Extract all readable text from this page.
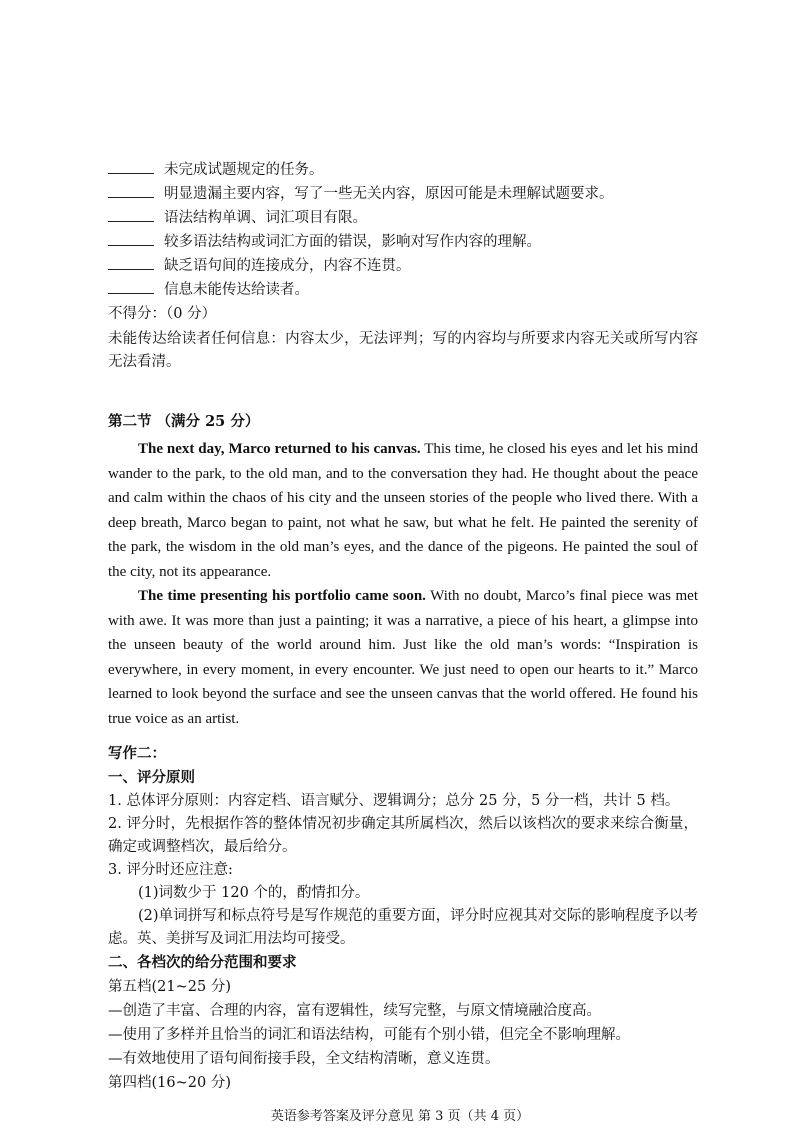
未完成试题规定的任务。
明显遗漏主要内容，写了一些无关内容，原因可能是未理解试题要求。
语法结构单调、词汇项目有限。
较多语法结构或词汇方面的错误，影响对写作内容的理解。
缺乏语句间的连接成分，内容不连贯。
信息未能传达给读者。
不得分：（0 分）
未能传达给读者任何信息：内容太少，无法评判；写的内容均与所要求内容无关或所写内容无法看清。
第二节 （满分 25 分）

The next day, Marco returned to his canvas. This time, he closed his eyes and let his mind wander to the park, to the old man, and to the conversation they had. He thought about the peace and calm within the chaos of his city and the unseen stories of the people who lived there. With a deep breath, Marco began to paint, not what he saw, but what he felt. He painted the serenity of the park, the wisdom in the old man’s eyes, and the dance of the pigeons. He painted the soul of the city, not its appearance.

The time presenting his portfolio came soon. With no doubt, Marco’s final piece was met with awe. It was more than just a painting; it was a narrative, a piece of his heart, a glimpse into the unseen beauty of the world around him. Just like the old man’s words: “Inspiration is everywhere, in every moment, in every encounter. We just need to open our hearts to it.” Marco learned to look beyond the surface and see the unseen canvas that the world offered. He found his true voice as an artist.

写作二：
一、评分原则
1. 总体评分原则：内容定档、语言赋分、逻辑调分；总分 25 分，5 分一档，共计 5 档。
2. 评分时，先根据作答的整体情况初步确定其所属档次，然后以该档次的要求来综合衡量，确定或调整档次，最后给分。
3. 评分时还应注意:
(1)词数少于 120 个的，酌情扣分。
(2)单词拼写和标点符号是写作规范的重要方面，评分时应视其对交际的影响程度予以考虑。英、美拼写及词汇用法均可接受。
二、各档次的给分范围和要求
第五档(21~25 分)
—创造了丰富、合理的内容，富有逻辑性，续写完整，与原文情境融洽度高。
—使用了多样并且恰当的词汇和语法结构，可能有个别小错，但完全不影响理解。
—有效地使用了语句间衔接手段，全文结构清晰，意义连贯。
第四档(16~20 分)
英语参考答案及评分意见 第 3 页（共 4 页）
